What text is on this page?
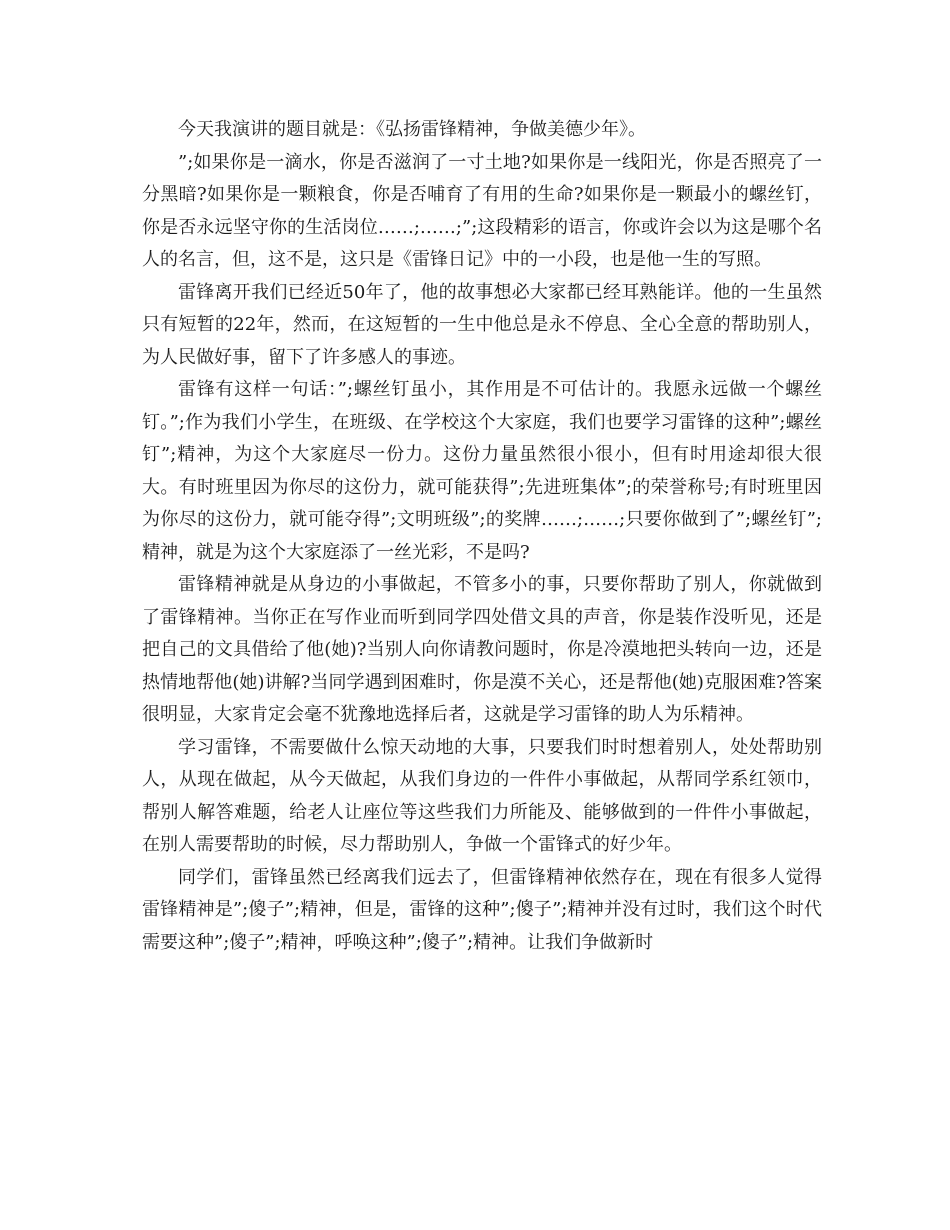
今天我演讲的题目就是：《弘扬雷锋精神，争做美德少年》。

”;如果你是一滴水，你是否滋润了一寸土地?如果你是一线阳光，你是否照亮了一分黑暗?如果你是一颗粮食，你是否哺育了有用的生命?如果你是一颗最小的螺丝钉，你是否永远坚守你的生活岗位……;……;”;这段精彩的语言，你或许会以为这是哪个名人的名言，但，这不是，这只是《雷锋日记》中的一小段，也是他一生的写照。

雷锋离开我们已经近50年了，他的故事想必大家都已经耳熟能详。他的一生虽然只有短暂的22年，然而，在这短暂的一生中他总是永不停息、全心全意的帮助别人，为人民做好事，留下了许多感人的事迹。

雷锋有这样一句话：”;螺丝钉虽小，其作用是不可估计的。我愿永远做一个螺丝钉。”;作为我们小学生，在班级、在学校这个大家庭，我们也要学习雷锋的这种”;螺丝钉”;精神，为这个大家庭尽一份力。这份力量虽然很小很小，但有时用途却很大很大。有时班里因为你尽的这份力，就可能获得”;先进班集体”;的荣誉称号;有时班里因为你尽的这份力，就可能夺得”;文明班级”;的奖牌……;……;只要你做到了”;螺丝钉”;精神，就是为这个大家庭添了一丝光彩，不是吗?

雷锋精神就是从身边的小事做起，不管多小的事，只要你帮助了别人，你就做到了雷锋精神。当你正在写作业而听到同学四处借文具的声音，你是装作没听见，还是把自己的文具借给了他(她)?当别人向你请教问题时，你是冷漠地把头转向一边，还是热情地帮他(她)讲解?当同学遇到困难时，你是漠不关心，还是帮他(她)克服困难?答案很明显，大家肯定会毫不犹豫地选择后者，这就是学习雷锋的助人为乐精神。

学习雷锋，不需要做什么惊天动地的大事，只要我们时时想着别人，处处帮助别人，从现在做起，从今天做起，从我们身边的一件件小事做起，从帮同学系红领巾，帮别人解答难题，给老人让座位等这些我们力所能及、能够做到的一件件小事做起，在别人需要帮助的时候，尽力帮助别人，争做一个雷锋式的好少年。

同学们，雷锋虽然已经离我们远去了，但雷锋精神依然存在，现在有很多人觉得雷锋精神是”;傻子”;精神，但是，雷锋的这种”;傻子”;精神并没有过时，我们这个时代需要这种”;傻子”;精神，呼唤这种”;傻子”;精神。让我们争做新时
